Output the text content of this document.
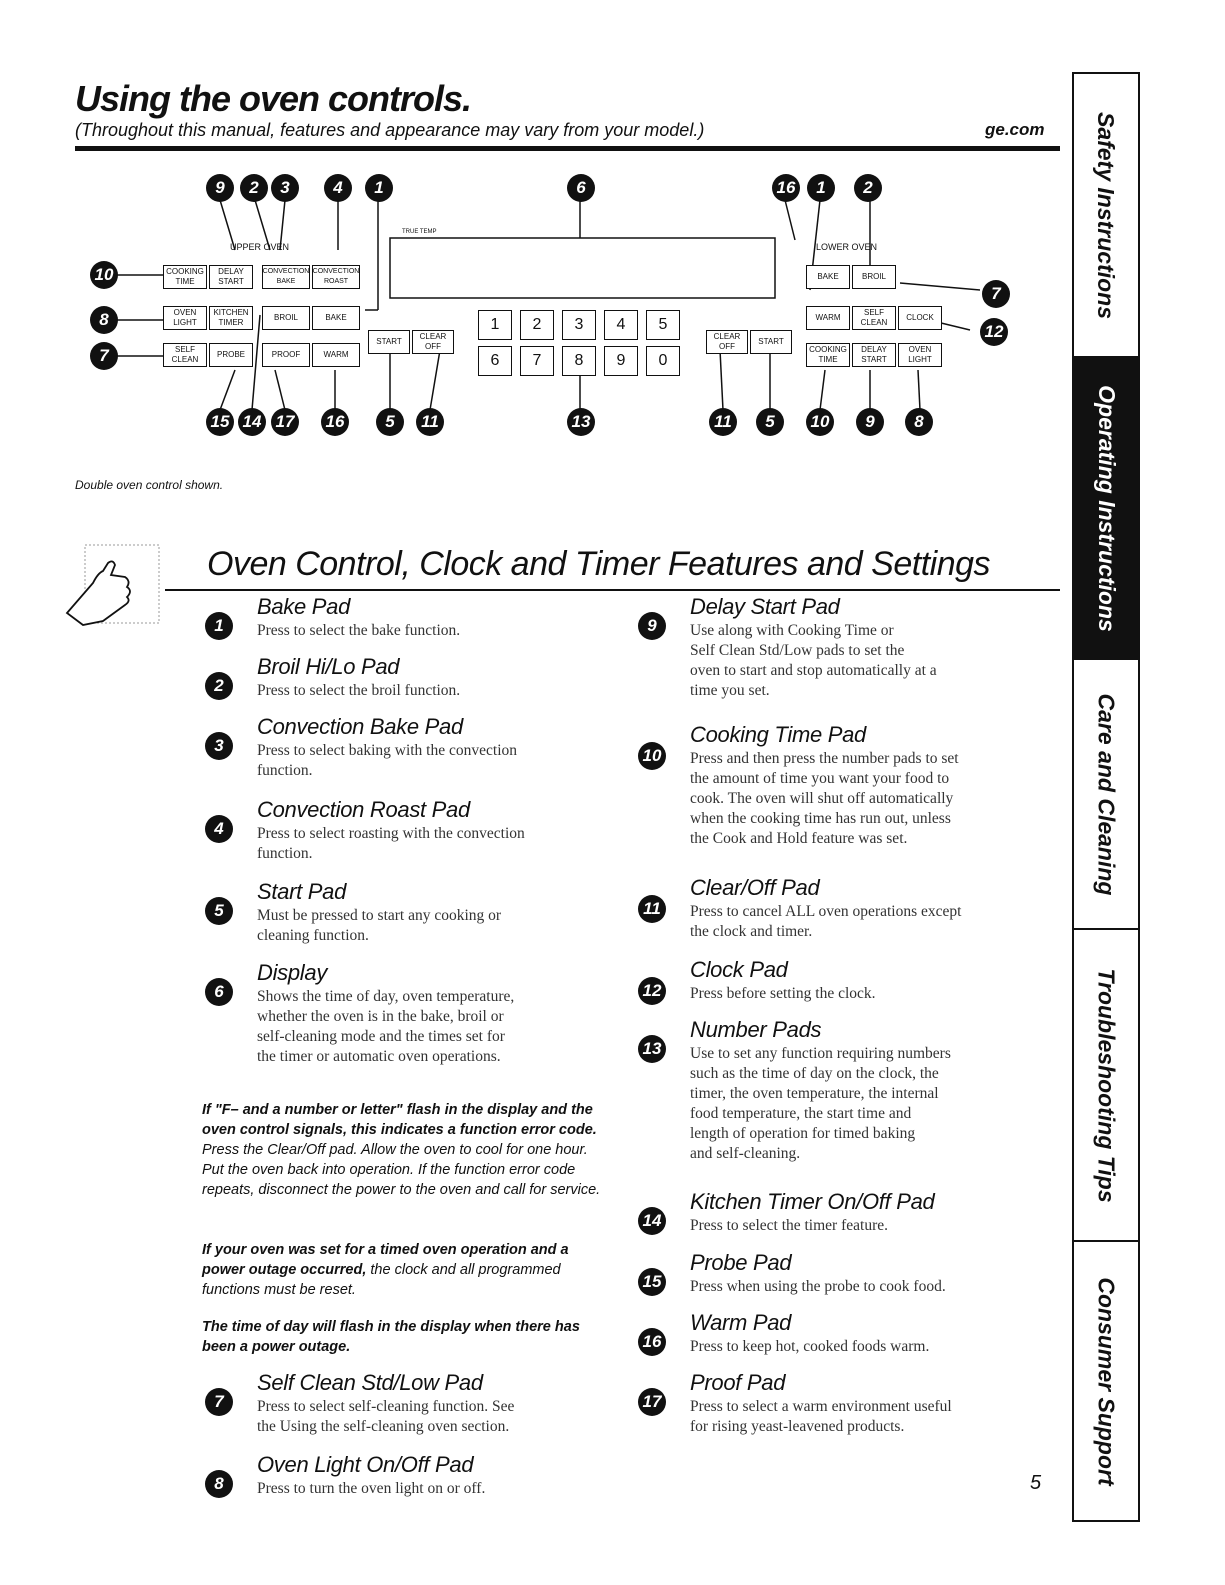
Using the oven controls.
(Throughout this manual, features and appearance may vary from your model.)	ge.com
UPPER OVEN	LOWER OVEN
TRUE TEMP
COOKING TIME
DELAY START
OVEN LIGHT
KITCHEN TIMER
SELF CLEAN
PROBE
CONVECTION BAKE
CONVECTION ROAST
BROIL	BAKE
PROOF	WARM
START
CLEAR OFF
CLEAR OFF
START
BAKE	BROIL
WARM
SELF CLEAN
CLOCK
COOKING TIME
DELAY START
OVEN LIGHT
1	2	3	4	5
6	7	8	9	0
9	2	3	4	1	6	16	1	2
10
8
7
7
12
15 14 17 16	5	11	13	11	5	10	9	8
Double oven control shown.
Oven Control, Clock and Timer Features and Settings
1
Bake Pad
Press to select the bake function.
2
Broil Hi/Lo Pad
Press to select the broil function.
3
Convection Bake Pad
Press to select baking with the convection
function.
4
Convection Roast Pad
Press to select roasting with the convection
function.
5
Start Pad
Must be pressed to start any cooking or
cleaning function.
6
Display
Shows the time of day, oven temperature,
whether the oven is in the bake, broil or
self-cleaning mode and the times set for
the timer or automatic oven operations.
If "F– and a number or letter" flash in the display and the oven control signals, this indicates a function error code. Press the Clear/Off pad. Allow the oven to cool for one hour. Put the oven back into operation. If the function error code repeats, disconnect the power to the oven and call for service.
If your oven was set for a timed oven operation and a power outage occurred, the clock and all programmed functions must be reset.
The time of day will flash in the display when there has been a power outage.
7
Self Clean Std/Low Pad
Press to select self-cleaning function. See
the Using the self-cleaning oven section.
8
Oven Light On/Off Pad
Press to turn the oven light on or off.
9
Delay Start Pad
Use along with Cooking Time or
Self Clean Std/Low pads to set the
oven to start and stop automatically at a
time you set.
10
Cooking Time Pad
Press and then press the number pads to set
the amount of time you want your food to
cook. The oven will shut off automatically
when the cooking time has run out, unless
the Cook and Hold feature was set.
11
Clear/Off Pad
Press to cancel ALL oven operations except
the clock and timer.
12
Clock Pad
Press before setting the clock.
13
Number Pads
Use to set any function requiring numbers
such as the time of day on the clock, the
timer, the oven temperature, the internal
food temperature, the start time and
length of operation for timed baking
and self-cleaning.
14
Kitchen Timer On/Off Pad
Press to select the timer feature.
15
Probe Pad
Press when using the probe to cook food.
16
Warm Pad
Press to keep hot, cooked foods warm.
17
Proof Pad
Press to select a warm environment useful
for rising yeast-leavened products.
5
Safety Instructions
Operating Instructions
Care and Cleaning
Troubleshooting Tips
Consumer Support
